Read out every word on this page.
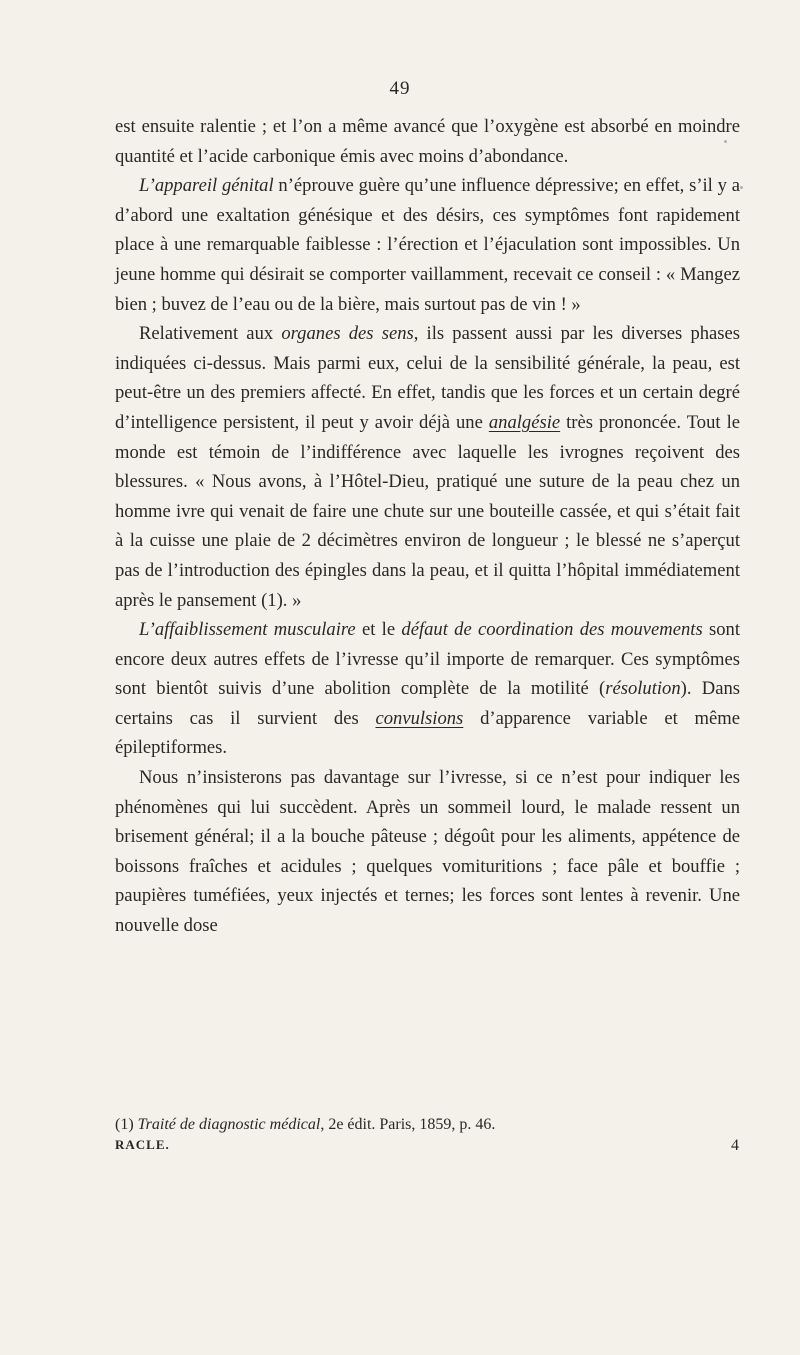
49

est ensuite ralentie ; et l’on a même avancé que l’oxygène est absorbé en moindre quantité et l’acide carbonique émis avec moins d’abondance.

L’appareil génital n’éprouve guère qu’une influence dépressive; en effet, s’il y a d’abord une exaltation génésique et des désirs, ces symptômes font rapidement place à une remarquable faiblesse : l’érection et l’éjaculation sont impossibles. Un jeune homme qui désirait se comporter vaillamment, recevait ce conseil : « Mangez bien ; buvez de l’eau ou de la bière, mais surtout pas de vin ! »

Relativement aux organes des sens, ils passent aussi par les diverses phases indiquées ci-dessus. Mais parmi eux, celui de la sensibilité générale, la peau, est peut-être un des premiers affecté. En effet, tandis que les forces et un certain degré d’intelligence persistent, il peut y avoir déjà une analgésie très prononcée. Tout le monde est témoin de l’indifférence avec laquelle les ivrognes reçoivent des blessures. « Nous avons, à l’Hôtel-Dieu, pratiqué une suture de la peau chez un homme ivre qui venait de faire une chute sur une bouteille cassée, et qui s’était fait à la cuisse une plaie de 2 décimètres environ de longueur ; le blessé ne s’aperçut pas de l’introduction des épingles dans la peau, et il quitta l’hôpital immédiatement après le pansement (1). »

L’affaiblissement musculaire et le défaut de coordination des mouvements sont encore deux autres effets de l’ivresse qu’il importe de remarquer. Ces symptômes sont bientôt suivis d’une abolition complète de la motilité (résolution). Dans certains cas il survient des convulsions d’apparence variable et même épileptiformes.

Nous n’insisterons pas davantage sur l’ivresse, si ce n’est pour indiquer les phénomènes qui lui succèdent. Après un sommeil lourd, le malade ressent un brisement général; il a la bouche pâteuse ; dégoût pour les aliments, appétence de boissons fraîches et acidules ; quelques vomituritions ; face pâle et bouffie ; paupières tuméfiées, yeux injectés et ternes; les forces sont lentes à revenir. Une nouvelle dose

(1) Traité de diagnostic médical, 2e édit. Paris, 1859, p. 46.
RACLE.	4
